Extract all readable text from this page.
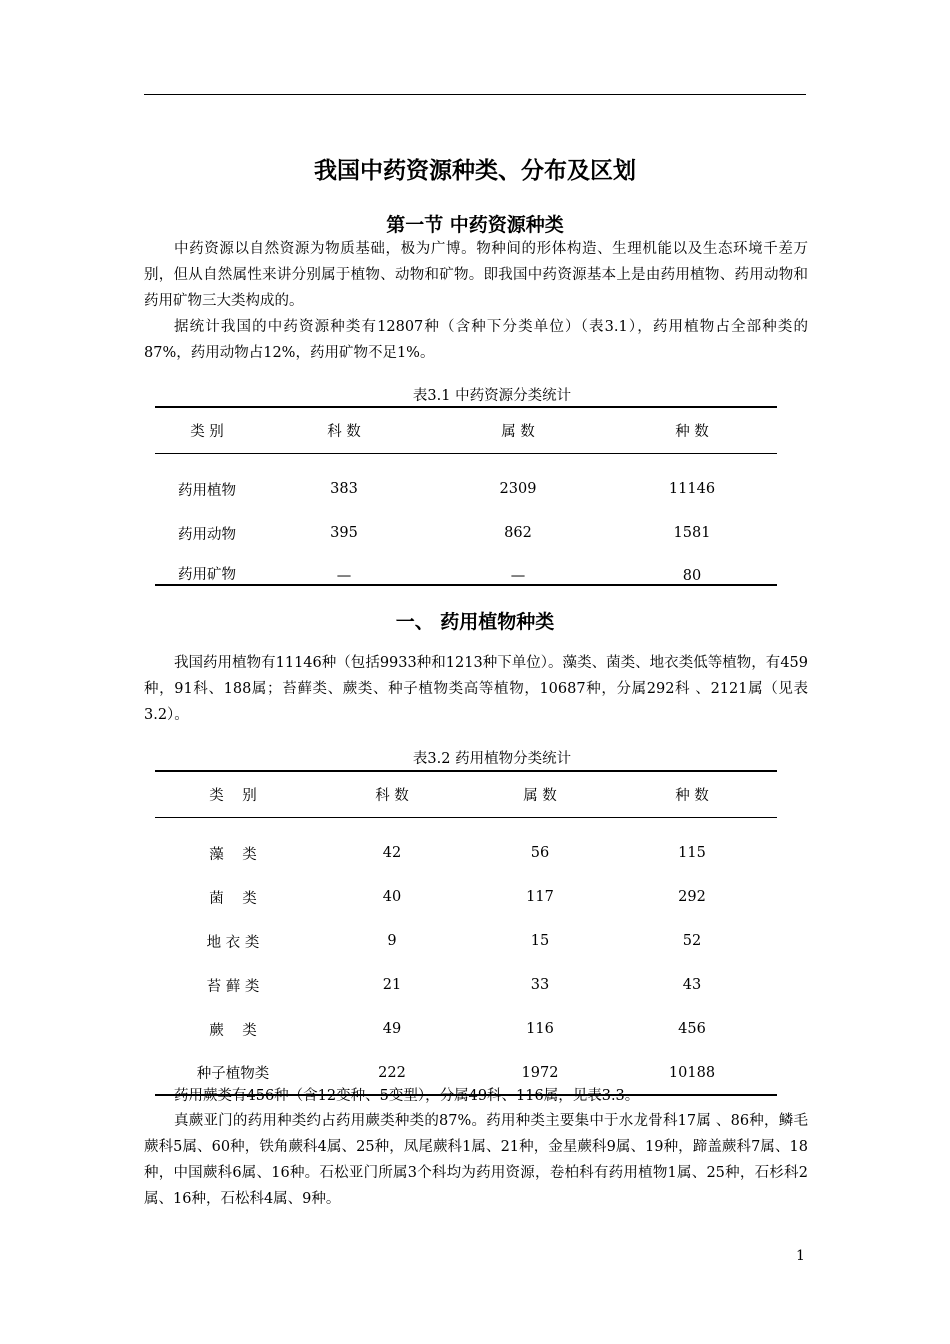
我国中药资源种类、分布及区划
第一节 中药资源种类

中药资源以自然资源为物质基础，极为广博。物种间的形体构造、生理机能以及生态环境千差万别，但从自然属性来讲分别属于植物、动物和矿物。即我国中药资源基本上是由药用植物、药用动物和药用矿物三大类构成的。

据统计我国的中药资源种类有12807种（含种下分类单位）（表3.1），药用植物占全部种类的87%，药用动物占12%，药用矿物不足1%。

表3.1 中药资源分类统计
类 别	科 数	属 数	种 数

药用植物	383	2309	11146
药用动物	395	862	1581
药用矿物	—	—	80
一、 药用植物种类

我国药用植物有11146种（包括9933种和1213种下单位）。藻类、菌类、地衣类低等植物，有459种，91科、188属；苔藓类、蕨类、种子植物类高等植物，10687种，分属292科 、2121属（见表3.2）。

表3.2 药用植物分类统计
类    别	科 数	属 数	种 数

藻    类	42	56	115
菌    类	40	117	292
地 衣 类	9	15	52
苔 藓 类	21	33	43
蕨    类	49	116	456
种子植物类	222	1972	10188

药用蕨类有456种（含12变种、5变型），分属49科、116属，见表3.3。

真蕨亚门的药用种类约占药用蕨类种类的87%。药用种类主要集中于水龙骨科17属 、86种，鳞毛蕨科5属、60种，铁角蕨科4属、25种，凤尾蕨科1属、21种，金星蕨科9属、19种，蹄盖蕨科7属、18种，中国蕨科6属、16种。石松亚门所属3个科均为药用资源，卷柏科有药用植物1属、25种，石杉科2属、16种，石松科4属、9种。

1
